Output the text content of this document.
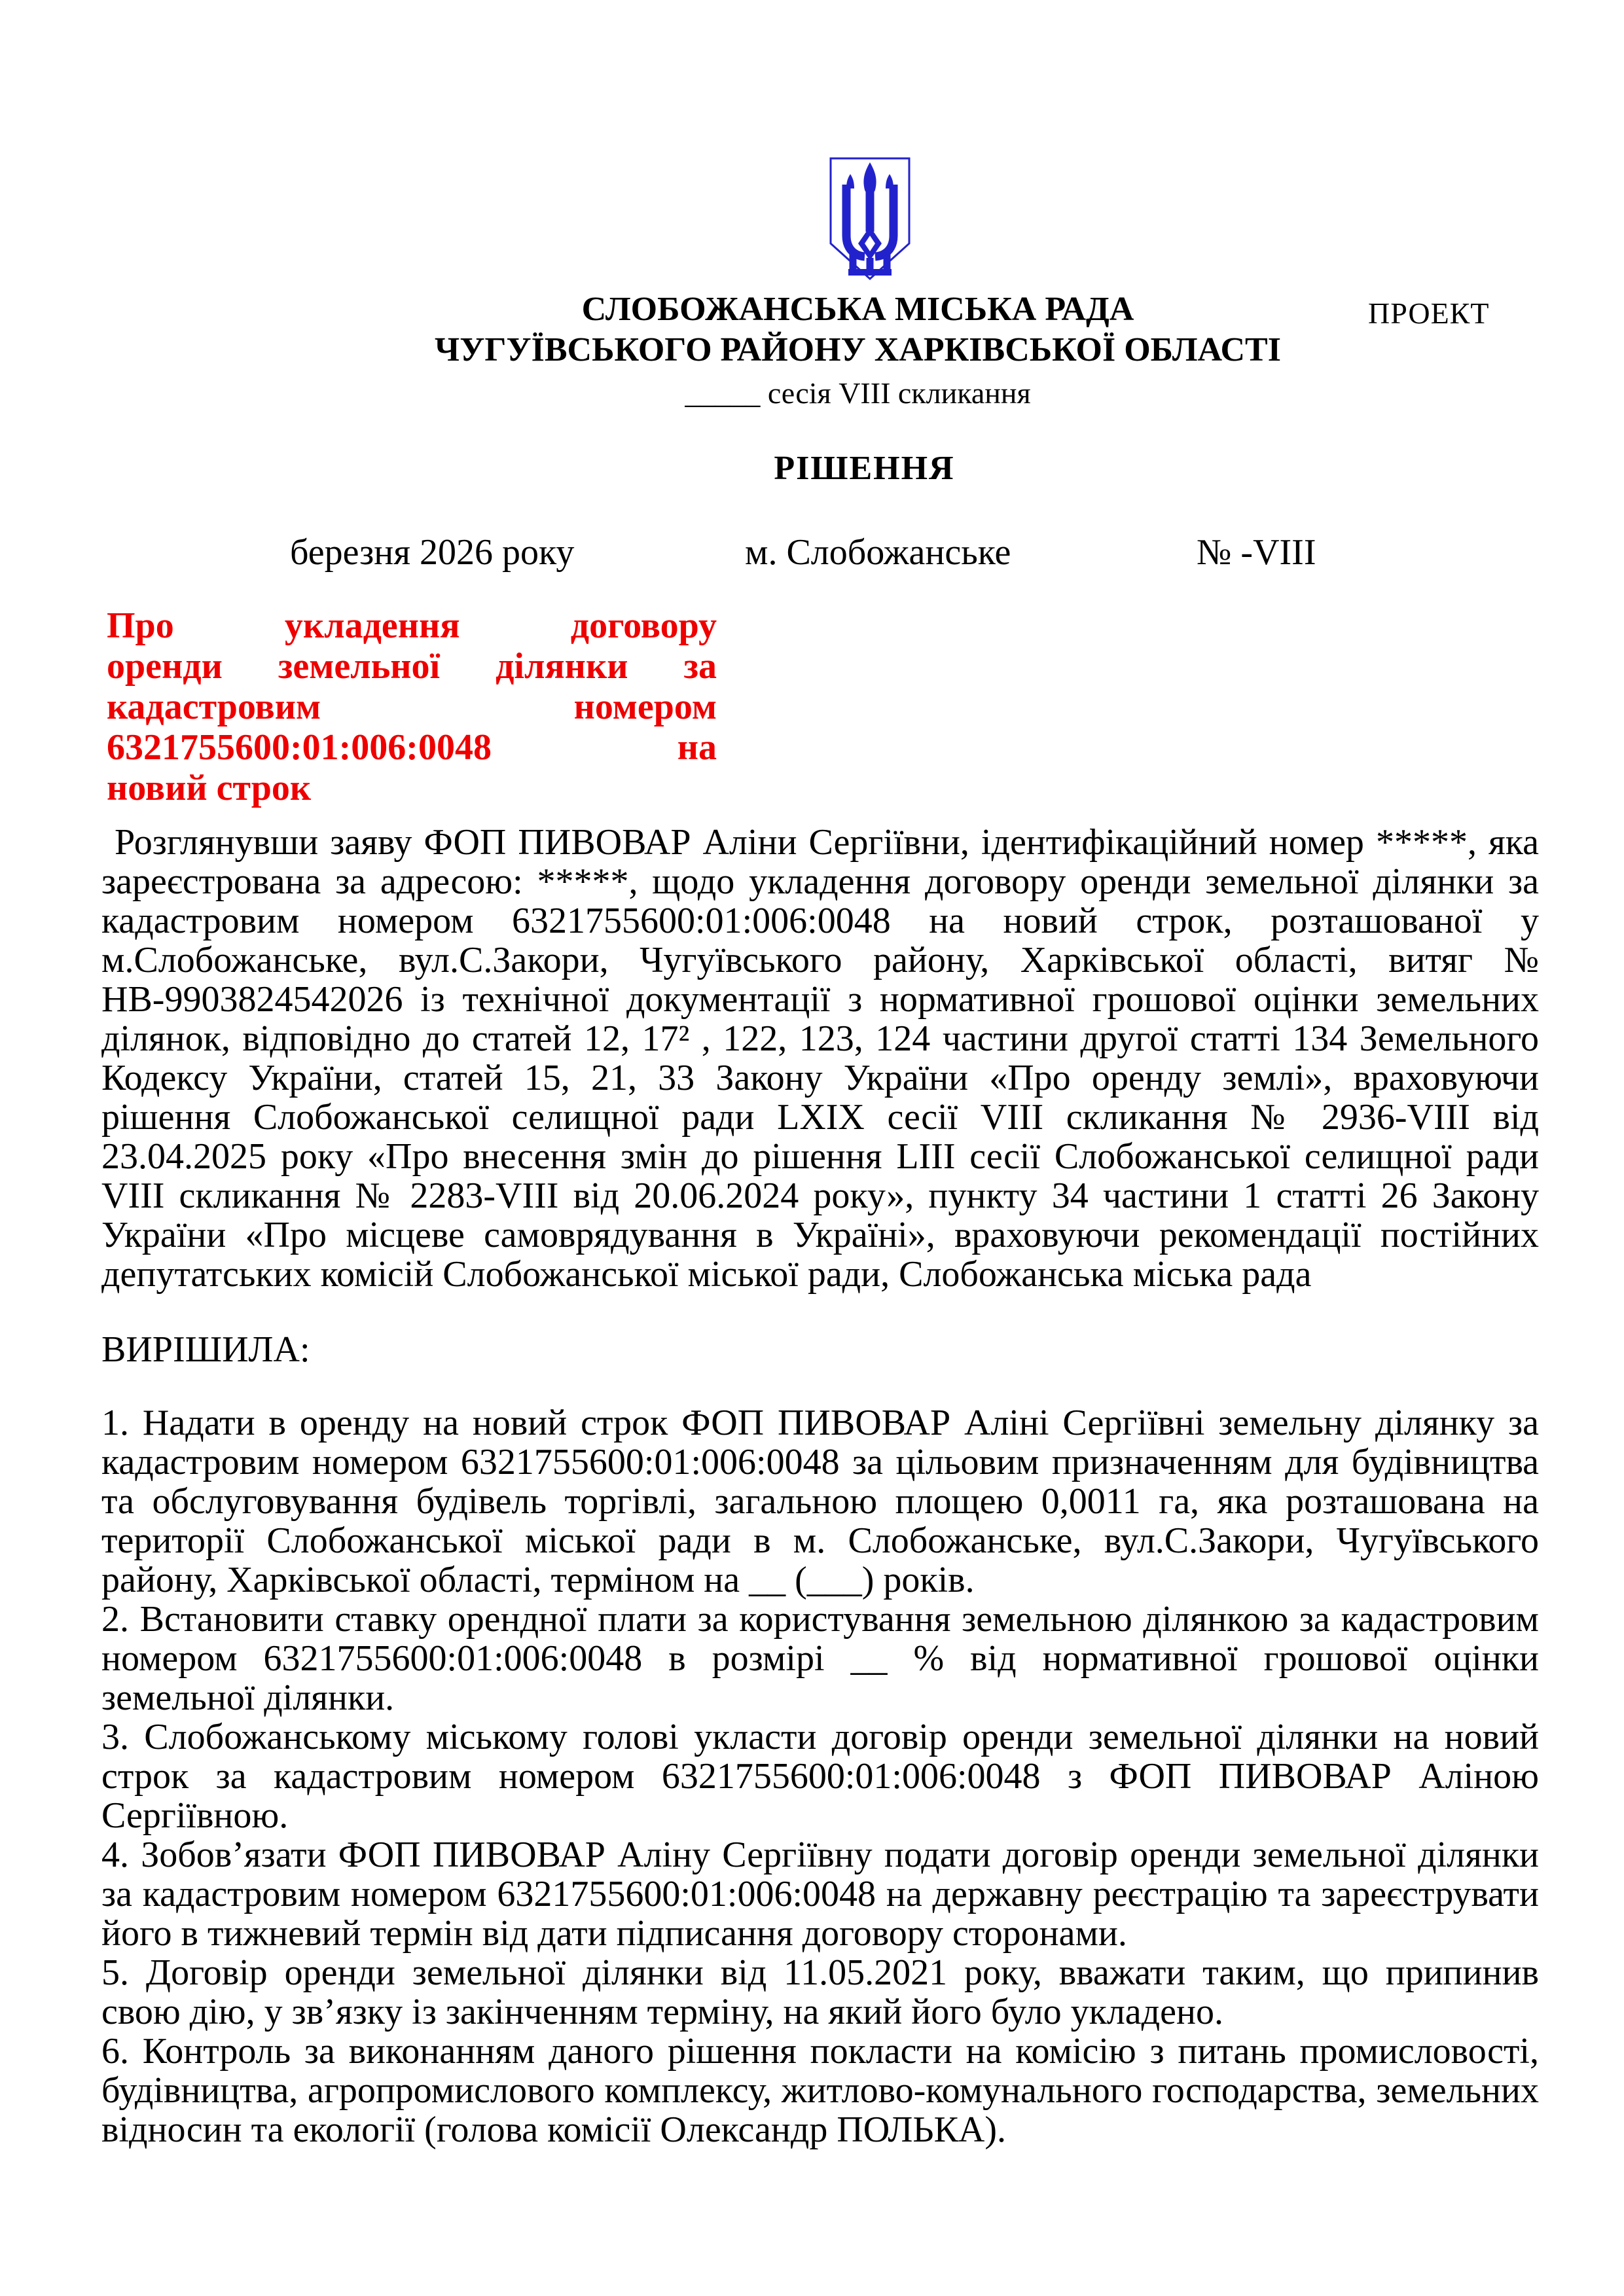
ПРОЕКТ
СЛОБОЖАНСЬКА МІСЬКА РАДА
ЧУГУЇВСЬКОГО РАЙОНУ ХАРКІВСЬКОЇ ОБЛАСТІ
_____ сесія VIII скликання
РІШЕННЯ
березня 2026 року	м. Слобожанське	№ -VIII
Про укладення договору
оренди земельної ділянки за
кадастровим номером
6321755600:01:006:0048 на
новий строк
Розглянувши заяву ФОП ПИВОВАР Аліни Сергіївни, ідентифікаційний номер *****, яка зареєстрована за адресою: *****, щодо укладення договору оренди земельної ділянки за кадастровим номером 6321755600:01:006:0048 на новий строк, розташованої у м.Слобожанське, вул.С.Закори, Чугуївського району, Харківської області, витяг № НВ-9903824542026 із технічної документації з нормативної грошової оцінки земельних ділянок, відповідно до статей 12, 17² , 122, 123, 124 частини другої статті 134 Земельного Кодексу України, статей 15, 21, 33 Закону України «Про оренду землі», враховуючи рішення Слобожанської селищної ради LXIX сесії VIII скликання № 2936-VIII від 23.04.2025 року «Про внесення змін до рішення LIII сесії Слобожанської селищної ради VIII скликання № 2283-VIII від 20.06.2024 року», пункту 34 частини 1 статті 26 Закону України «Про місцеве самоврядування в Україні», враховуючи рекомендації постійних депутатських комісій Слобожанської міської ради, Слобожанська міська рада
ВИРІШИЛА:

1. Надати в оренду на новий строк ФОП ПИВОВАР Аліні Сергіївні земельну ділянку за кадастровим номером 6321755600:01:006:0048 за цільовим призначенням для будівництва та обслуговування будівель торгівлі, загальною площею 0,0011 га, яка розташована на території Слобожанської міської ради в м. Слобожанське, вул.С.Закори, Чугуївського району, Харківської області, терміном на __ (___) років.

2. Встановити ставку орендної плати за користування земельною ділянкою за кадастровим номером 6321755600:01:006:0048 в розмірі __ % від нормативної грошової оцінки земельної ділянки.

3. Слобожанському міському голові укласти договір оренди земельної ділянки на новий строк за кадастровим номером 6321755600:01:006:0048 з ФОП ПИВОВАР Аліною Сергіївною.

4. Зобов’язати ФОП ПИВОВАР Аліну Сергіївну подати договір оренди земельної ділянки за кадастровим номером 6321755600:01:006:0048 на державну реєстрацію та зареєструвати його в тижневий термін від дати підписання договору сторонами.

5. Договір оренди земельної ділянки від 11.05.2021 року, вважати таким, що припинив свою дію, у зв’язку із закінченням терміну, на який його було укладено.

6. Контроль за виконанням даного рішення покласти на комісію з питань промисловості, будівництва, агропромислового комплексу, житлово-комунального господарства, земельних відносин та екології (голова комісії Олександр ПОЛЬКА).
